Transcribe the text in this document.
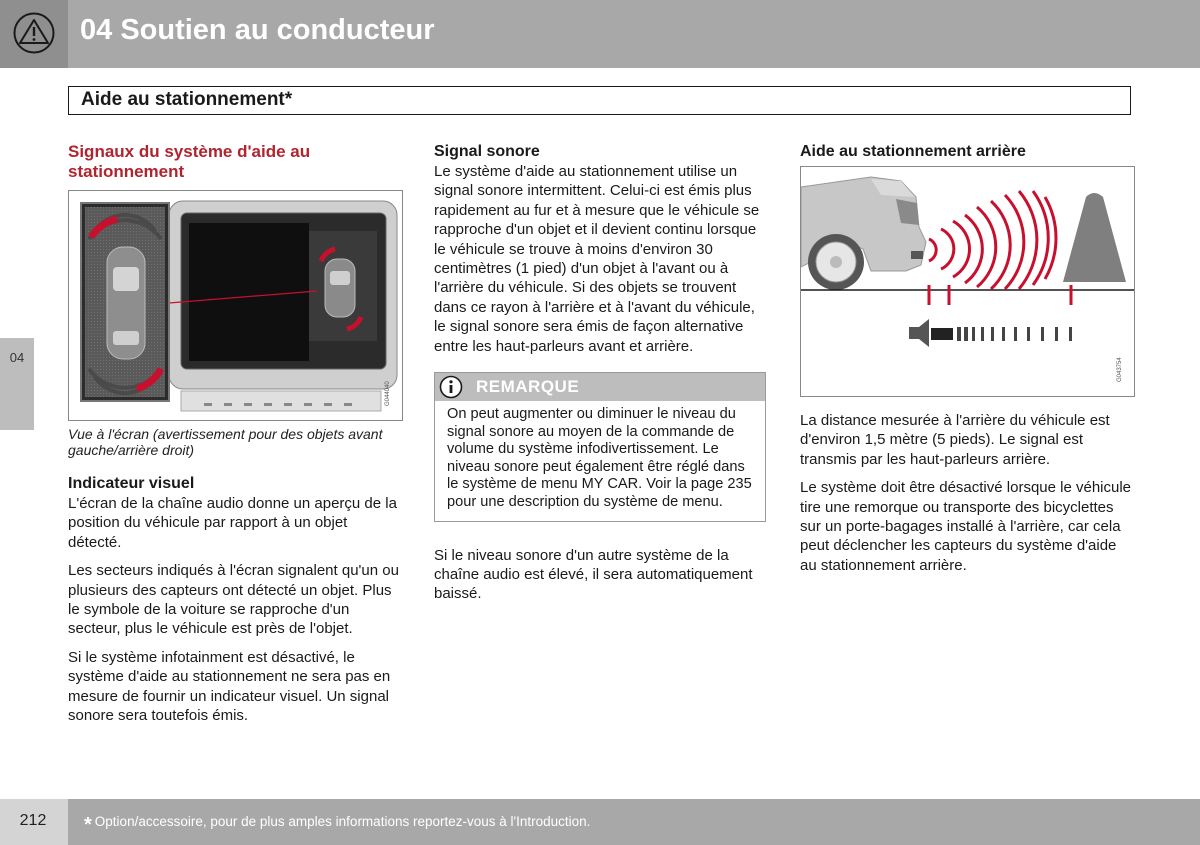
04 Soutien au conducteur
Aide au stationnement*
04
Signaux du système d'aide au stationnement
G044040
Vue à l'écran (avertissement pour des objets avant gauche/arrière droit)
Indicateur visuel

L'écran de la chaîne audio donne un aperçu de la position du véhicule par rapport à un objet détecté.

Les secteurs indiqués à l'écran signalent qu'un ou plusieurs des capteurs ont détecté un objet. Plus le symbole de la voiture se rapproche d'un secteur, plus le véhicule est près de l'objet.

Si le système infotainment est désactivé, le système d'aide au stationnement ne sera pas en mesure de fournir un indicateur visuel. Un signal sonore sera toutefois émis.

Signal sonore

Le système d'aide au stationnement utilise un signal sonore intermittent. Celui-ci est émis plus rapidement au fur et à mesure que le véhicule se rapproche d'un objet et il devient continu lorsque le véhicule se trouve à moins d'environ 30 centimètres (1 pied) d'un objet à l'avant ou à l'arrière du véhicule. Si des objets se trouvent dans ce rayon à l'arrière et à l'avant du véhicule, le signal sonore sera émis de façon alternative entre les haut-parleurs avant et arrière.

REMARQUE
On peut augmenter ou diminuer le niveau du signal sonore au moyen de la commande de volume du système infodivertissement. Le niveau sonore peut également être réglé dans le système de menu MY CAR. Voir la page 235 pour une description du système de menu.

Si le niveau sonore d'un autre système de la chaîne audio est élevé, il sera automatiquement baissé.

Aide au stationnement arrière
G043754

La distance mesurée à l'arrière du véhicule est d'environ 1,5 mètre (5 pieds). Le signal est transmis par les haut-parleurs arrière.

Le système doit être désactivé lorsque le véhicule tire une remorque ou transporte des bicyclettes sur un porte-bagages installé à l'arrière, car cela peut déclencher les capteurs du système d'aide au stationnement arrière.

212	* Option/accessoire, pour de plus amples informations reportez-vous à l'Introduction.
